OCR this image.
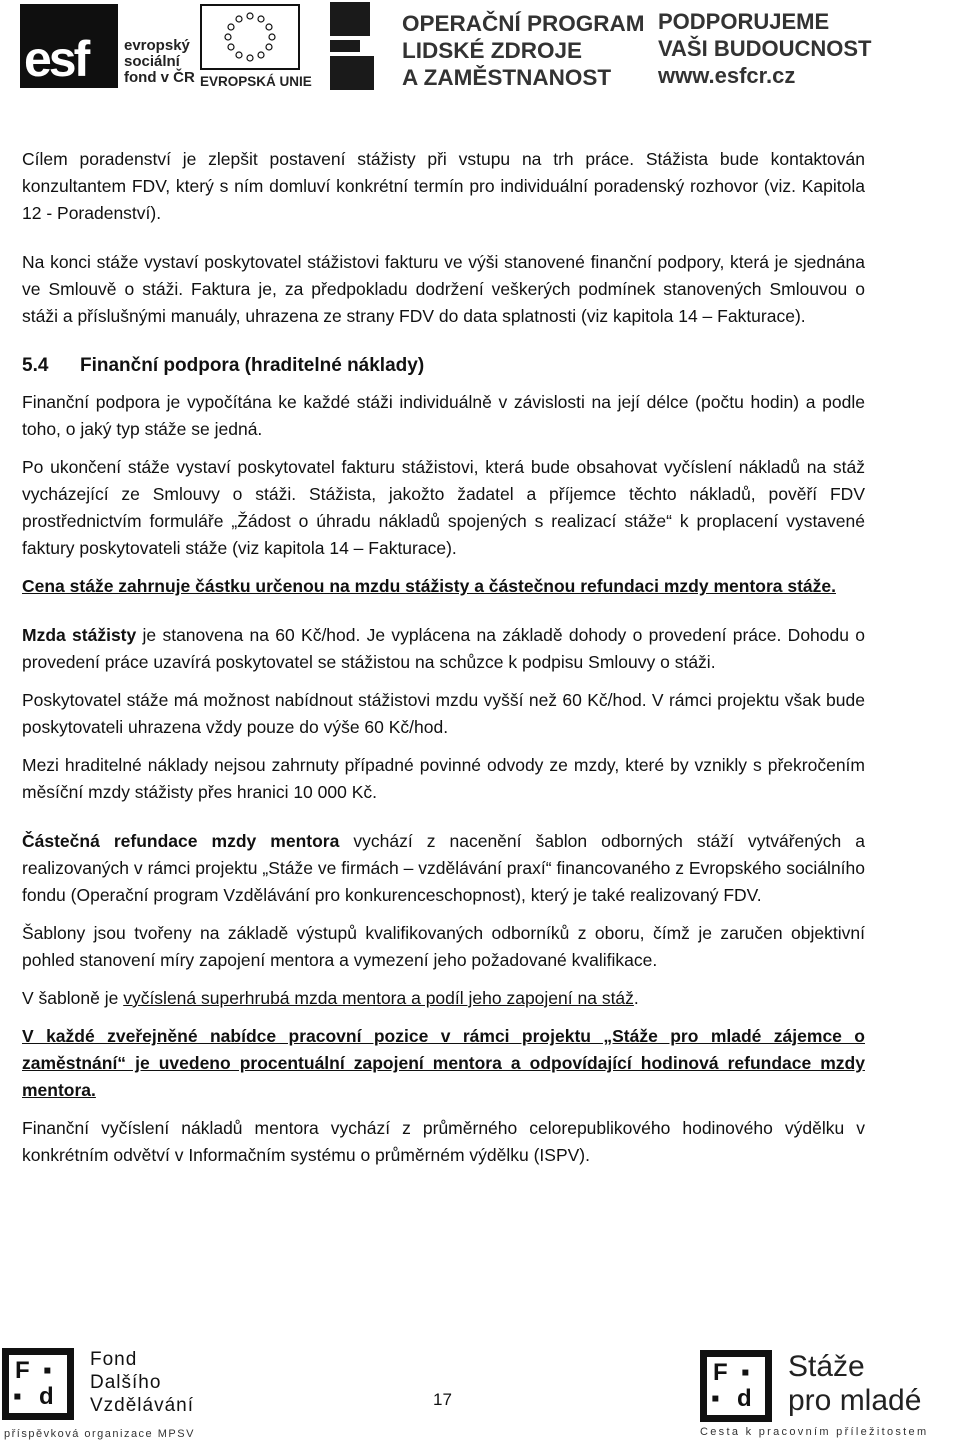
esf evropský
sociální
fond v ČR EVROPSKÁ UNIE
OPERAČNÍ PROGRAM
LIDSKÉ ZDROJE
A ZAMĚSTNANOST
PODPORUJEME
VAŠI BUDOUCNOST
www.esfcr.cz

Cílem poradenství je zlepšit postavení stážisty při vstupu na trh práce. Stážista bude kontaktován konzultantem FDV, který s ním domluví konkrétní termín pro individuální poradenský rozhovor (viz. Kapitola 12 - Poradenství).

Na konci stáže vystaví poskytovatel stážistovi fakturu ve výši stanovené finanční podpory, která je sjednána ve Smlouvě o stáži. Faktura je, za předpokladu dodržení veškerých podmínek stanovených Smlouvou o stáži a příslušnými manuály, uhrazena ze strany FDV do data splatnosti (viz kapitola 14 – Fakturace).

5.4 Finanční podpora (hraditelné náklady)

Finanční podpora je vypočítána ke každé stáži individuálně v závislosti na její délce (počtu hodin) a podle toho, o jaký typ stáže se jedná.

Po ukončení stáže vystaví poskytovatel fakturu stážistovi, která bude obsahovat vyčíslení nákladů na stáž vycházející ze Smlouvy o stáži. Stážista, jakožto žadatel a příjemce těchto nákladů, pověří FDV prostřednictvím formuláře „Žádost o úhradu nákladů spojených s realizací stáže“ k proplacení vystavené faktury poskytovateli stáže (viz kapitola 14 – Fakturace).

Cena stáže zahrnuje částku určenou na mzdu stážisty a částečnou refundaci mzdy mentora stáže.

Mzda stážisty je stanovena na 60 Kč/hod. Je vyplácena na základě dohody o provedení práce. Dohodu o provedení práce uzavírá poskytovatel se stážistou na schůzce k podpisu Smlouvy o stáži.

Poskytovatel stáže má možnost nabídnout stážistovi mzdu vyšší než 60 Kč/hod. V rámci projektu však bude poskytovateli uhrazena vždy pouze do výše 60 Kč/hod.

Mezi hraditelné náklady nejsou zahrnuty případné povinné odvody ze mzdy, které by vznikly s překročením měsíční mzdy stážisty přes hranici 10 000 Kč.

Částečná refundace mzdy mentora vychází z nacenění šablon odborných stáží vytvářených a realizovaných v rámci projektu „Stáže ve firmách – vzdělávání praxí“ financovaného z Evropského sociálního fondu (Operační program Vzdělávání pro konkurenceschopnost), který je také realizovaný FDV.

Šablony jsou tvořeny na základě výstupů kvalifikovaných odborníků z oboru, čímž je zaručen objektivní pohled stanovení míry zapojení mentora a vymezení jeho požadované kvalifikace.

V šabloně je vyčíslená superhrubá mzda mentora a podíl jeho zapojení na stáž.

V každé zveřejněné nabídce pracovní pozice v rámci projektu „Stáže pro mladé zájemce o zaměstnání“ je uvedeno procentuální zapojení mentora a odpovídající hodinová refundace mzdy mentora.

Finanční vyčíslení nákladů mentora vychází z průměrného celorepublikového hodinového výdělku v konkrétním odvětví v Informačním systému o průměrném výdělku (ISPV).

F ▪
▪ d
Fond
Dalšího
Vzdělávání
příspěvková organizace MPSV
17
F ▪
▪ d
Stáže
pro mladé
Cesta k pracovním příležitostem
